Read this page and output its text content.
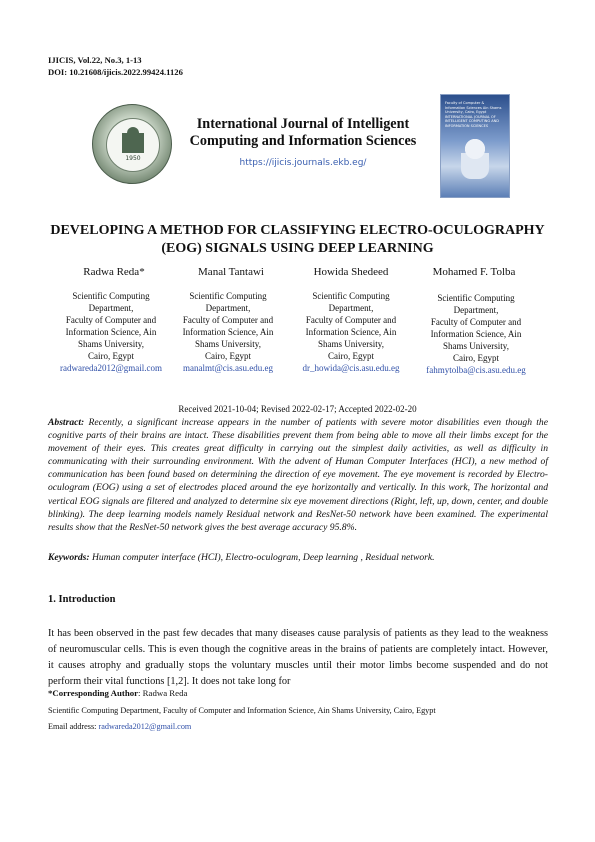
IJICIS, Vol.22, No.3, 1-13
DOI: 10.21608/ijicis.2022.99424.1126
1950
International Journal of Intelligent Computing and Information Sciences
https://ijicis.journals.ekb.eg/
Faculty of Computer & Information Sciences Ain Shams University, Cairo, Egypt INTERNATIONAL JOURNAL OF INTELLIGENT COMPUTING AND INFORMATION SCIENCES
DEVELOPING A METHOD FOR CLASSIFYING ELECTRO-OCULOGRAPHY (EOG) SIGNALS USING DEEP LEARNING
Radwa Reda*	Manal Tantawi	Howida Shedeed	Mohamed F. Tolba
Scientific Computing
Department,
Faculty of Computer and
Information Science, Ain
Shams University,
Cairo, Egypt
radwareda2012@gmail.com
Scientific Computing
Department,
Faculty of Computer and
Information Science, Ain
Shams University,
Cairo, Egypt
manalmt@cis.asu.edu.eg
Scientific Computing
Department,
Faculty of Computer and
Information Science, Ain
Shams University,
Cairo, Egypt
dr_howida@cis.asu.edu.eg
Scientific Computing
Department,
Faculty of Computer and
Information Science, Ain
Shams University,
Cairo, Egypt
fahmytolba@cis.asu.edu.eg
Received 2021-10-04; Revised 2022-02-17; Accepted 2022-02-20
Abstract: Recently, a significant increase appears in the number of patients with severe motor disabilities even though the cognitive parts of their brains are intact. These disabilities prevent them from being able to move all their limbs except for the movement of their eyes. This creates great difficulty in carrying out the simplest daily activities, as well as difficulty in communicating with their surrounding environment. With the advent of Human Computer Interfaces (HCI), a new method of communication has been found based on determining the direction of eye movement. The eye movement is recorded by Electro-oculogram (EOG) using a set of electrodes placed around the eye horizontally and vertically. In this work, The horizontal and vertical EOG signals are filtered and analyzed to determine six eye movement directions (Right, left, up, down, center, and double blinking). The deep learning models namely Residual network and ResNet-50 network have been examined. The experimental results show that the ResNet-50 network gives the best average accuracy 95.8%.
Keywords: Human computer interface (HCI), Electro-oculogram, Deep learning , Residual network.
1. Introduction
It has been observed in the past few decades that many diseases cause paralysis of patients as they lead to the weakness of neuromuscular cells. This is even though the cognitive areas in the brains of patients are completely intact. However, it causes atrophy and gradually stops the voluntary muscles until their motor limbs become suspended and do not perform their vital functions [1,2]. It does not take long for
*Corresponding Author: Radwa Reda
Scientific Computing Department, Faculty of Computer and Information Science, Ain Shams University, Cairo, Egypt
Email address: radwareda2012@gmail.com
